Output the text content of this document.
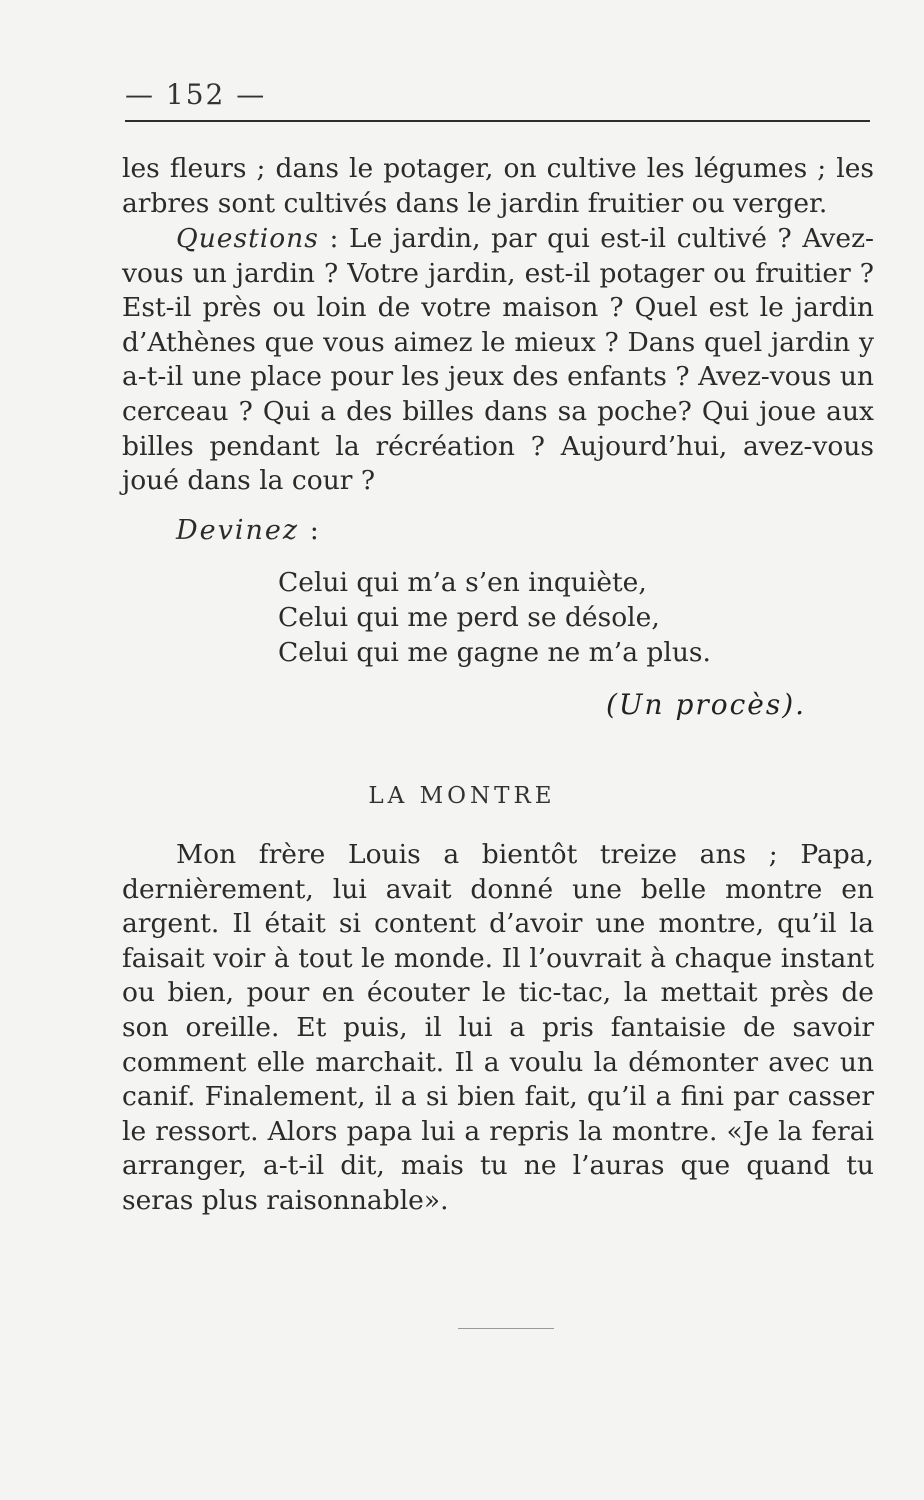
— 152 —

les fleurs ; dans le potager, on cultive les légumes ; les arbres sont cultivés dans le jardin fruitier ou verger.

Questions : Le jardin, par qui est-il cultivé ? Avez-vous un jardin ? Votre jardin, est-il potager ou fruitier ? Est-il près ou loin de votre maison ? Quel est le jardin d’Athènes que vous aimez le mieux ? Dans quel jardin y a-t-il une place pour les jeux des enfants ? Avez-vous un cerceau ? Qui a des billes dans sa poche? Qui joue aux billes pendant la récréation ? Aujourd’hui, avez-vous joué dans la cour ?

Devinez :
Celui qui m’a s’en inquiète,
Celui qui me perd se désole,
Celui qui me gagne ne m’a plus.
(Un procès).
LA MONTRE

Mon frère Louis a bientôt treize ans ; Papa, dernièrement, lui avait donné une belle montre en argent. Il était si content d’avoir une montre, qu’il la faisait voir à tout le monde. Il l’ouvrait à chaque instant ou bien, pour en écouter le tic-tac, la mettait près de son oreille. Et puis, il lui a pris fantaisie de savoir comment elle marchait. Il a voulu la démonter avec un canif. Finalement, il a si bien fait, qu’il a fini par casser le ressort. Alors papa lui a repris la montre. «Je la ferai arranger, a-t-il dit, mais tu ne l’auras que quand tu seras plus raisonnable».
